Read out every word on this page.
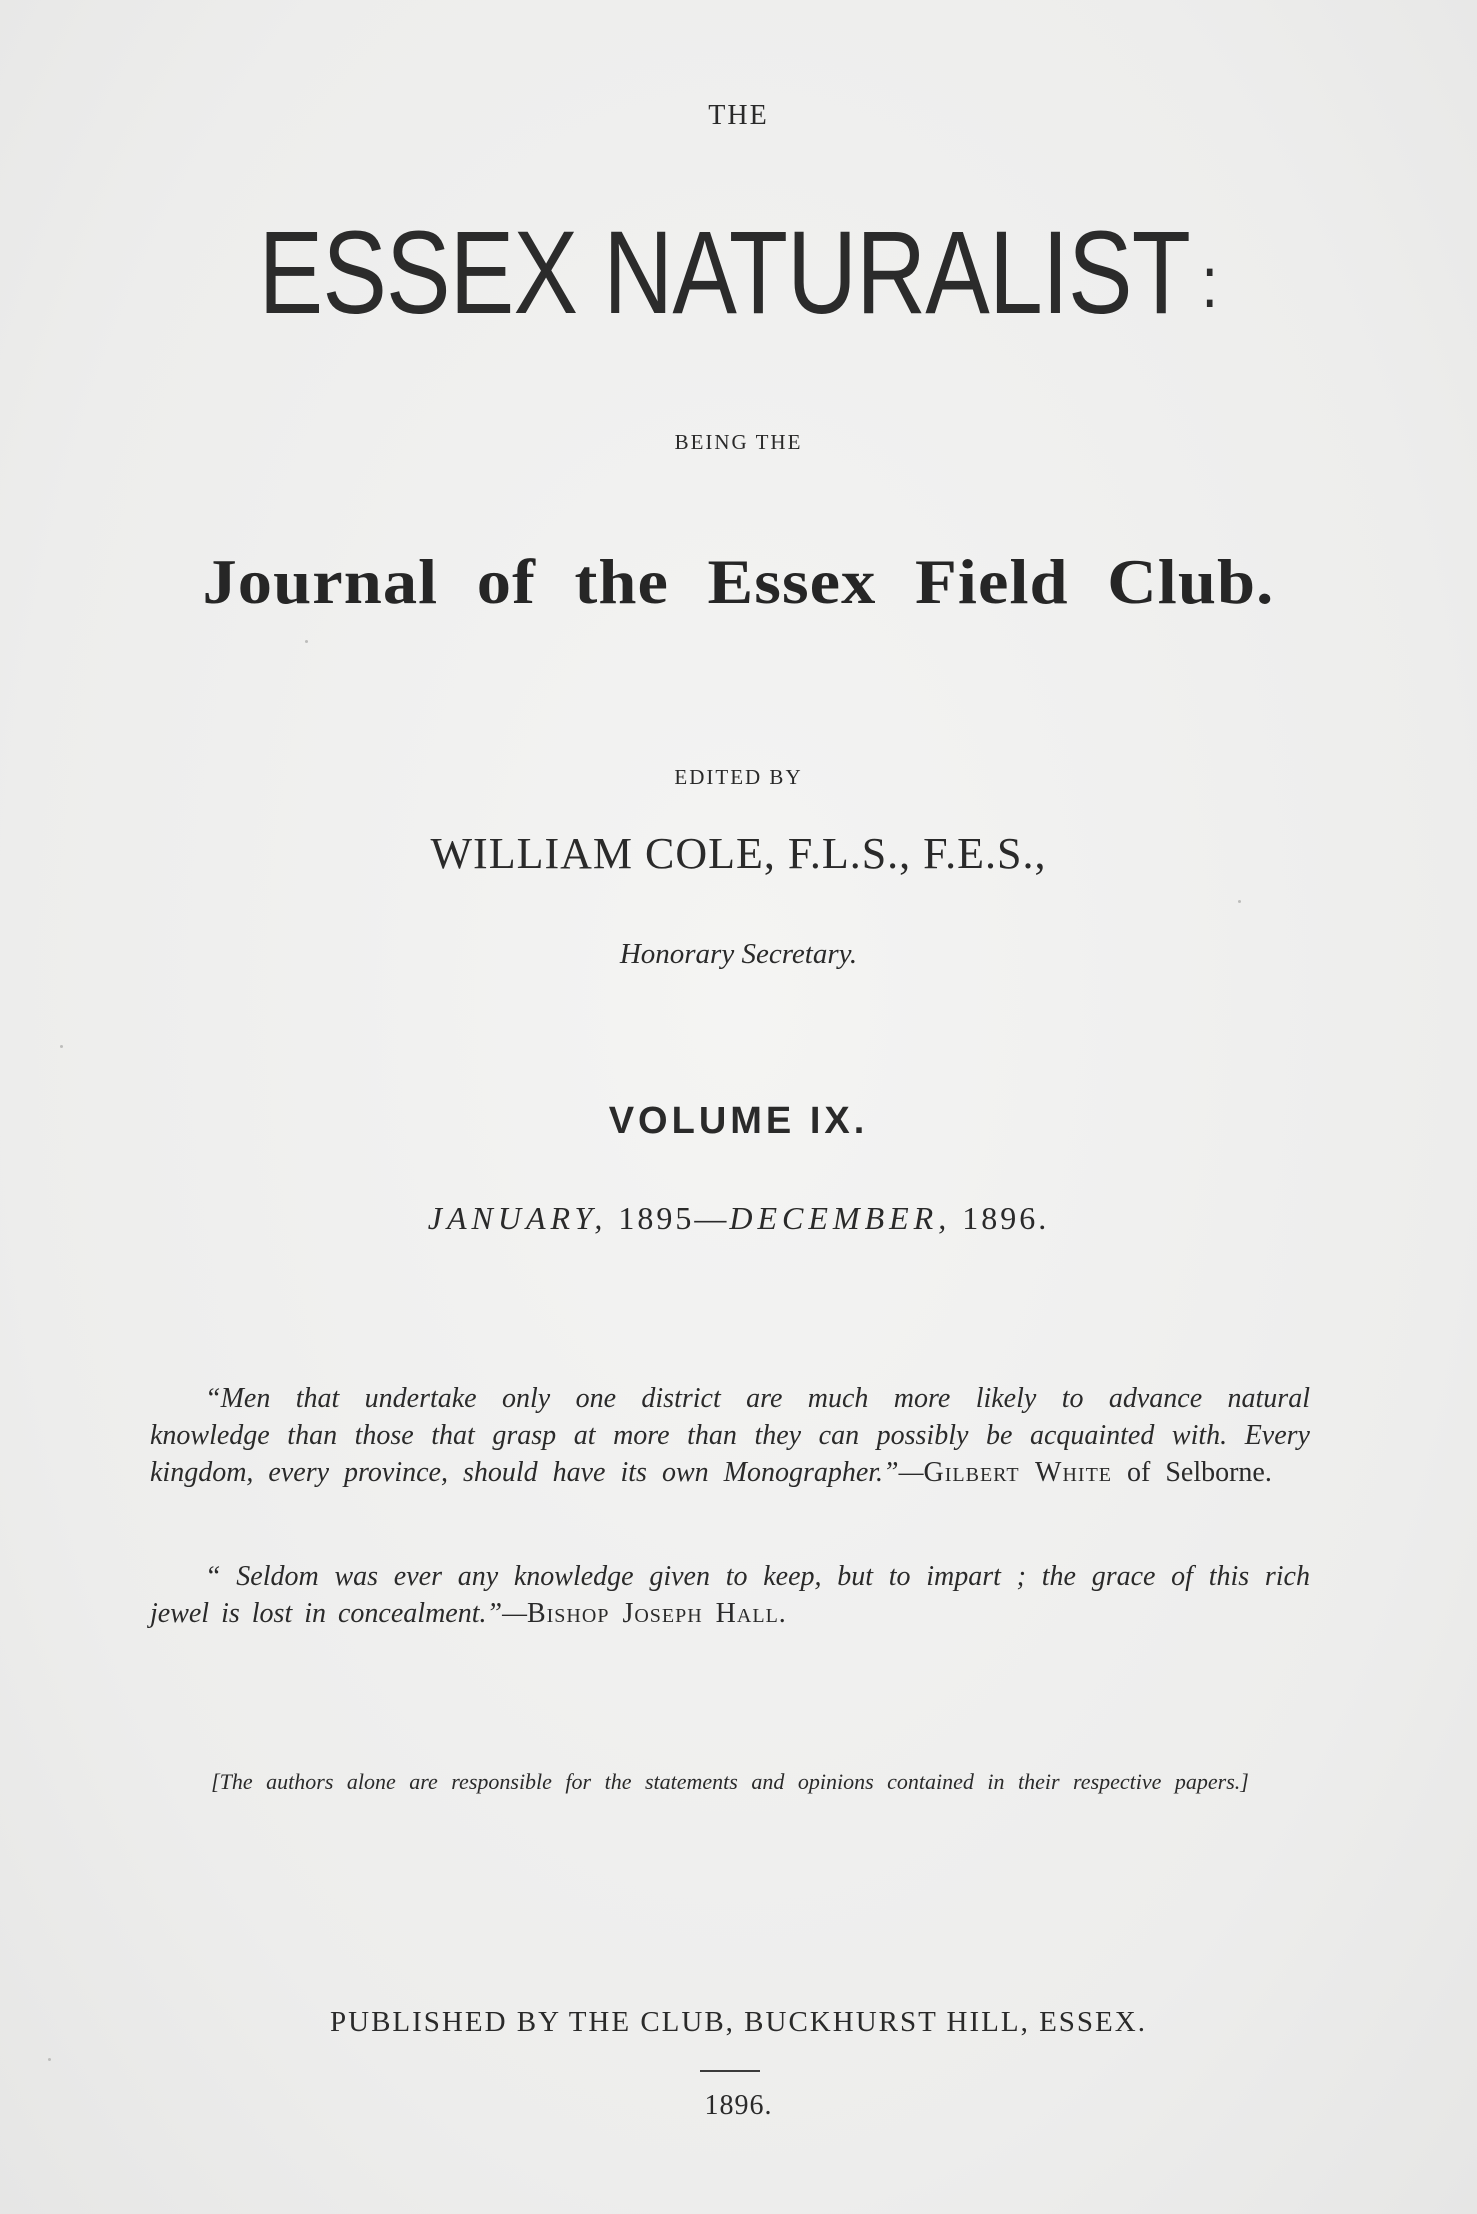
THE
ESSEX NATURALIST :
BEING THE
Journal of the Essex Field Club.
EDITED BY
WILLIAM COLE, F.L.S., F.E.S.,
Honorary Secretary.
VOLUME IX.
JANUARY, 1895—DECEMBER, 1896.
“Men that undertake only one district are much more likely to advance natural knowledge than those that grasp at more than they can possibly be acquainted with. Every kingdom, every province, should have its own Monographer.”—Gilbert White of Selborne.
“ Seldom was ever any knowledge given to keep, but to impart ; the grace of this rich jewel is lost in concealment.”—Bishop Joseph Hall.
[The authors alone are responsible for the statements and opinions contained in their respective papers.]
PUBLISHED BY THE CLUB, BUCKHURST HILL, ESSEX.
1896.
